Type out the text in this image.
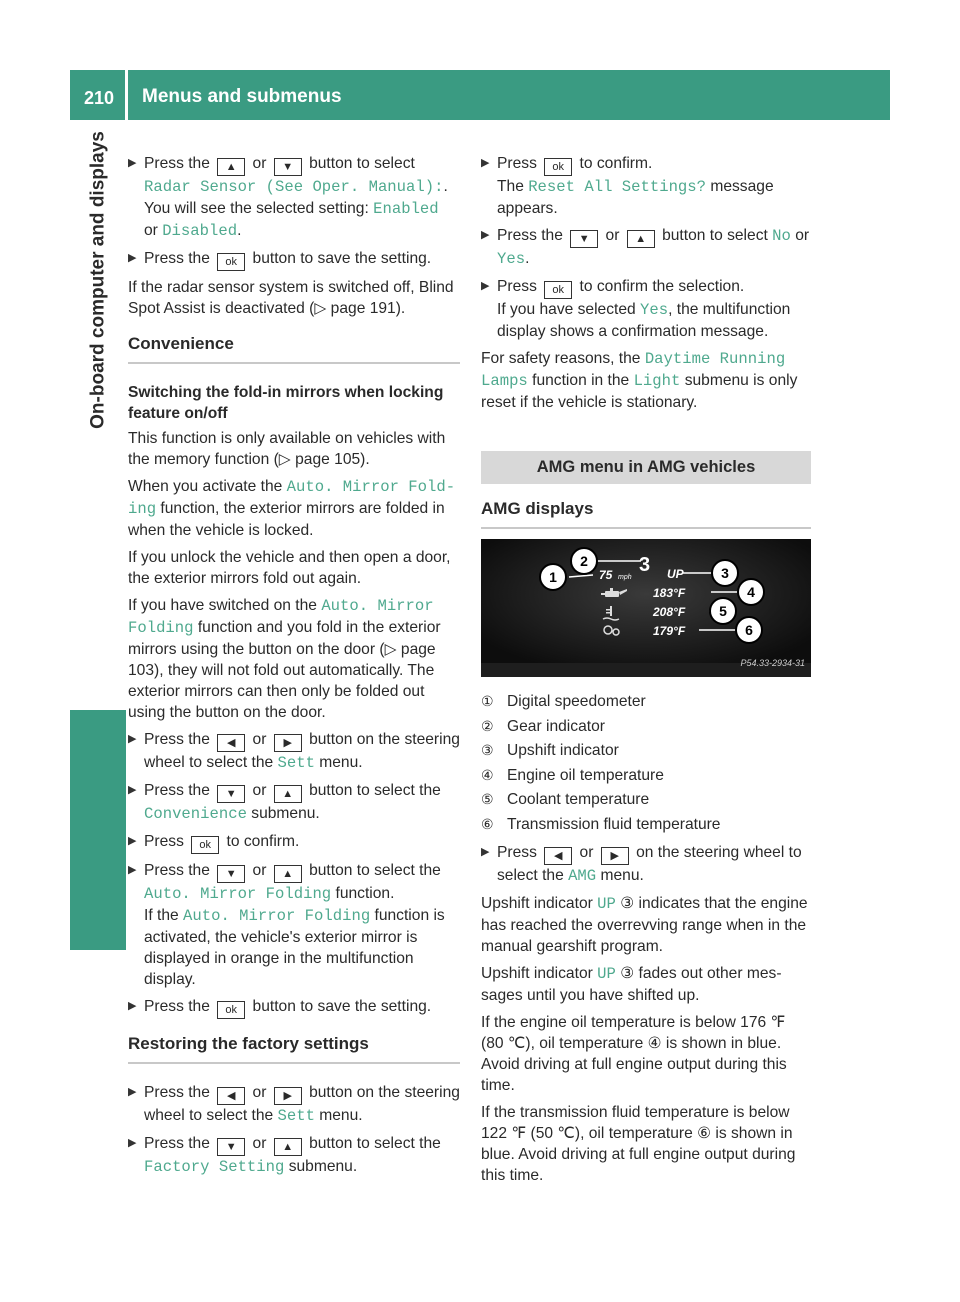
210 Menus and submenus
On-board computer and displays ▶ Press the ▲ or ▼ button to select
Radar Sensor (See Oper. Manual):.
You will see the selected setting: Enabled
or Disabled.
▶ Press the ok button to save the setting.

If the radar sensor system is switched off, Blind Spot Assist is deactivated (▷ page 191).

Convenience
Switching the fold-in mirrors when locking feature on/off

This function is only available on vehicles with the memory function (▷ page 105).

When you activate the Auto. Mirror Fold‐ ing function, the exterior mirrors are folded in when the vehicle is locked.

If you unlock the vehicle and then open a door, the exterior mirrors fold out again.

If you have switched on the Auto. Mirror Folding function and you fold in the exterior mirrors using the button on the door (▷ page 103), they will not fold out automatically. The exterior mirrors can then only be folded out using the button on the door.

▶ Press the ◀ or ▶ button on the steering wheel to select the Sett menu.
▶ Press the ▼ or ▲ button to select the Convenience submenu.
▶ Press ok to confirm.
▶ Press the ▼ or ▲ button to select the Auto. Mirror Folding function.
If the Auto. Mirror Folding function is activated, the vehicle's exterior mirror is displayed in orange in the multifunction display.
▶ Press the ok button to save the setting.
Restoring the factory settings
▶ Press the ◀ or ▶ button on the steering wheel to select the Sett menu.
▶ Press the ▼ or ▲ button to select the Factory Setting submenu.
▶ Press ok to confirm.
The Reset All Settings? message appears.
▶ Press the ▼ or ▲ button to select No or Yes.
▶ Press ok to confirm the selection.
If you have selected Yes, the multifunction display shows a confirmation message.

For safety reasons, the Daytime Running Lamps function in the Light submenu is only reset if the vehicle is stationary.

AMG menu in AMG vehicles
AMG displays
1
2
3
4
5
6
75 mph
3 UP
183°F
208°F
179°F
P54.33-2934-31
① Digital speedometer
② Gear indicator
③ Upshift indicator
④ Engine oil temperature
⑤ Coolant temperature
⑥ Transmission fluid temperature
▶ Press ◀ or ▶ on the steering wheel to select the AMG menu.

Upshift indicator UP ③ indicates that the engine has reached the overrevving range when in the manual gearshift program.

Upshift indicator UP ③ fades out other messages until you have shifted up.

If the engine oil temperature is below 176 ℉ (80 ℃), oil temperature ④ is shown in blue. Avoid driving at full engine output during this time.

If the transmission fluid temperature is below 122 ℉ (50 ℃), oil temperature ⑥ is shown in blue. Avoid driving at full engine output during this time.
